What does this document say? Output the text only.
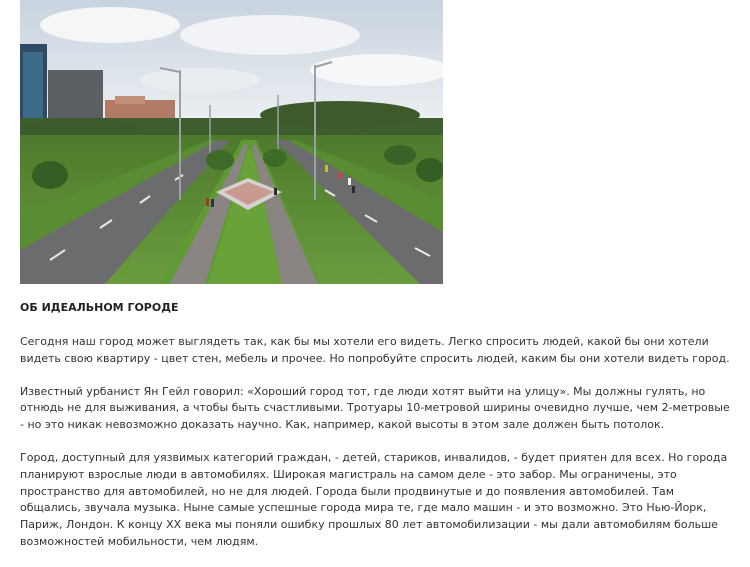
ОБ ИДЕАЛЬНОМ ГОРОДЕ

Сегодня наш город может выглядеть так, как бы мы хотели его видеть. Легко спросить людей, какой бы они хотели видеть свою квартиру - цвет стен, мебель и прочее. Но попробуйте спросить людей, каким бы они хотели видеть город.

Известный урбанист Ян Гейл говорил: «Хороший город тот, где люди хотят выйти на улицу». Мы должны гулять, но отнюдь не для выживания, а чтобы быть счастливыми. Тротуары 10-метровой ширины очевидно лучше, чем 2-метровые - но это никак невозможно доказать научно. Как, например, какой высоты в этом зале должен быть потолок.

Город, доступный для уязвимых категорий граждан, - детей, стариков, инвалидов, - будет приятен для всех. Но города планируют взрослые люди в автомобилях. Широкая магистраль на самом деле - это забор. Мы ограничены, это пространство для автомобилей, но не для людей. Города были продвинутые и до появления автомобилей. Там общались, звучала музыка. Ныне самые успешные города мира те, где мало машин - и это возможно. Это Нью-Йорк, Париж, Лондон. К концу XX века мы поняли ошибку прошлых 80 лет автомобилизации - мы дали автомобилям больше возможностей мобильности, чем людям.
